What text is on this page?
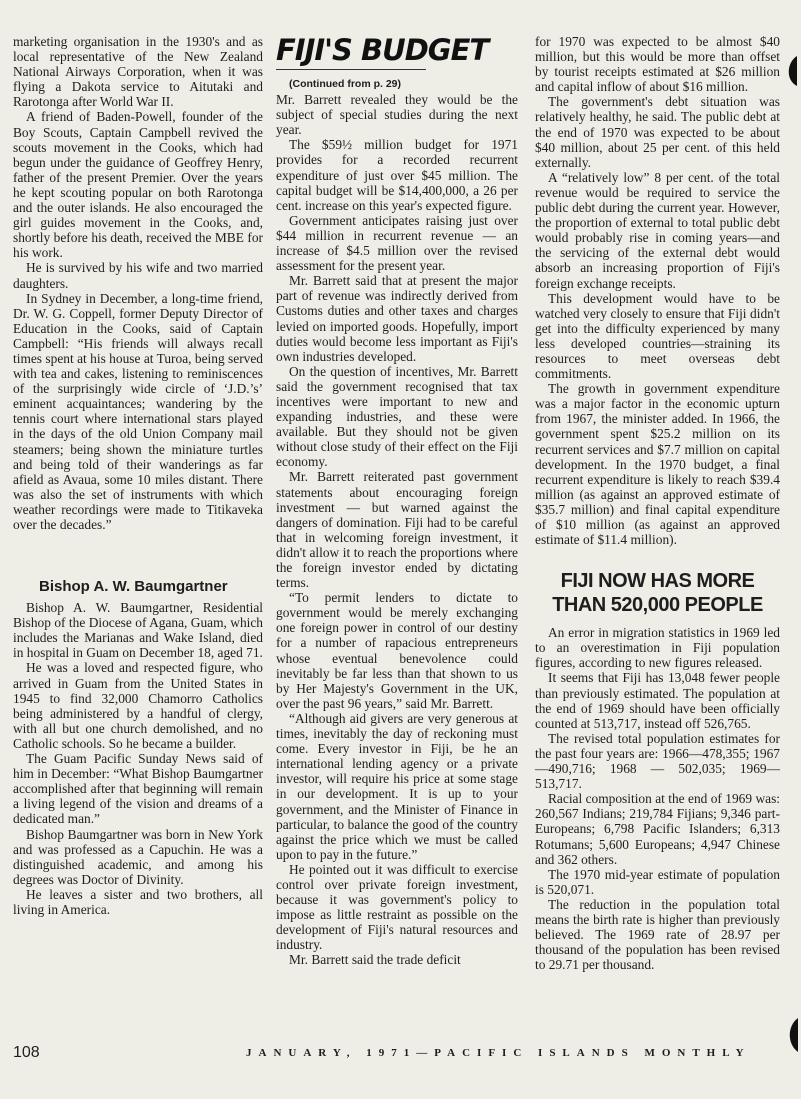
marketing organisation in the 1930's and as local representative of the New Zealand National Airways Corporation, when it was flying a Dakota service to Aitutaki and Rarotonga after World War II.

A friend of Baden-Powell, founder of the Boy Scouts, Captain Campbell revived the scouts movement in the Cooks, which had begun under the guidance of Geoffrey Henry, father of the present Premier. Over the years he kept scouting popular on both Rarotonga and the outer islands. He also encouraged the girl guides movement in the Cooks, and, shortly before his death, received the MBE for his work.

He is survived by his wife and two married daughters.

In Sydney in December, a long-time friend, Dr. W. G. Coppell, former Deputy Director of Education in the Cooks, said of Captain Campbell: “His friends will always recall times spent at his house at Turoa, being served with tea and cakes, listening to reminiscences of the surprisingly wide circle of ‘J.D.’s’ eminent acquaintances; wandering by the tennis court where international stars played in the days of the old Union Company mail steamers; being shown the miniature turtles and being told of their wanderings as far afield as Avaua, some 10 miles distant. There was also the set of instruments with which weather recordings were made to Titikaveka over the decades.”

Bishop A. W. Baumgartner

Bishop A. W. Baumgartner, Residential Bishop of the Diocese of Agana, Guam, which includes the Marianas and Wake Island, died in hospital in Guam on December 18, aged 71.

He was a loved and respected figure, who arrived in Guam from the United States in 1945 to find 32,000 Chamorro Catholics being administered by a handful of clergy, with all but one church demolished, and no Catholic schools. So he became a builder.

The Guam Pacific Sunday News said of him in December: “What Bishop Baumgartner accomplished after that beginning will remain a living legend of the vision and dreams of a dedicated man.”

Bishop Baumgartner was born in New York and was professed as a Capuchin. He was a distinguished academic, and among his degrees was Doctor of Divinity.

He leaves a sister and two brothers, all living in America.

FIJI'S BUDGET

(Continued from p. 29)

Mr. Barrett revealed they would be the subject of special studies during the next year.

The $59½ million budget for 1971 provides for a recorded recurrent expenditure of just over $45 million. The capital budget will be $14,400,000, a 26 per cent. increase on this year's expected figure.

Government anticipates raising just over $44 million in recurrent revenue — an increase of $4.5 million over the revised assessment for the present year.

Mr. Barrett said that at present the major part of revenue was indirectly derived from Customs duties and other taxes and charges levied on imported goods. Hopefully, import duties would become less important as Fiji's own industries developed.

On the question of incentives, Mr. Barrett said the government recognised that tax incentives were important to new and expanding industries, and these were available. But they should not be given without close study of their effect on the Fiji economy.

Mr. Barrett reiterated past government statements about encouraging foreign investment — but warned against the dangers of domination. Fiji had to be careful that in welcoming foreign investment, it didn't allow it to reach the proportions where the foreign investor ended by dictating terms.

“To permit lenders to dictate to government would be merely exchanging one foreign power in control of our destiny for a number of rapacious entrepreneurs whose eventual benevolence could inevitably be far less than that shown to us by Her Majesty's Government in the UK, over the past 96 years,” said Mr. Barrett.

“Although aid givers are very generous at times, inevitably the day of reckoning must come. Every investor in Fiji, be he an international lending agency or a private investor, will require his price at some stage in our development. It is up to your government, and the Minister of Finance in particular, to balance the good of the country against the price which we must be called upon to pay in the future.”

He pointed out it was difficult to exercise control over private foreign investment, because it was government's policy to impose as little restraint as possible on the development of Fiji's natural resources and industry.

Mr. Barrett said the trade deficit

for 1970 was expected to be almost $40 million, but this would be more than offset by tourist receipts estimated at $26 million and capital inflow of about $16 million.

The government's debt situation was relatively healthy, he said. The public debt at the end of 1970 was expected to be about $40 million, about 25 per cent. of this held externally.

A “relatively low” 8 per cent. of the total revenue would be required to service the public debt during the current year. However, the proportion of external to total public debt would probably rise in coming years—and the servicing of the external debt would absorb an increasing proportion of Fiji's foreign exchange receipts.

This development would have to be watched very closely to ensure that Fiji didn't get into the difficulty experienced by many less developed countries—straining its resources to meet overseas debt commitments.

The growth in government expenditure was a major factor in the economic upturn from 1967, the minister added. In 1966, the government spent $25.2 million on its recurrent services and $7.7 million on capital development. In the 1970 budget, a final recurrent expenditure is likely to reach $39.4 million (as against an approved estimate of $35.7 million) and final capital expenditure of $10 million (as against an approved estimate of $11.4 million).

FIJI NOW HAS MORE THAN 520,000 PEOPLE

An error in migration statistics in 1969 led to an overestimation in Fiji population figures, according to new figures released.

It seems that Fiji has 13,048 fewer people than previously estimated. The population at the end of 1969 should have been officially counted at 513,717, instead off 526,765.

The revised total population estimates for the past four years are: 1966—478,355; 1967—490,716; 1968 — 502,035; 1969—513,717.

Racial composition at the end of 1969 was: 260,567 Indians; 219,784 Fijians; 9,346 part-Europeans; 6,798 Pacific Islanders; 6,313 Rotumans; 5,600 Europeans; 4,947 Chinese and 362 others.

The 1970 mid-year estimate of population is 520,071.

The reduction in the population total means the birth rate is higher than previously believed. The 1969 rate of 28.97 per thousand of the population has been revised to 29.71 per thousand.

108	JANUARY, 1971—PACIFIC ISLANDS MONTHLY
